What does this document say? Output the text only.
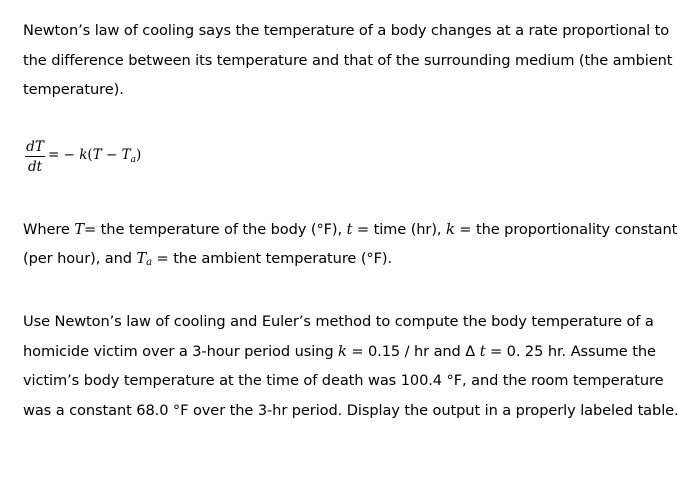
Newton’s law of cooling says the temperature of a body changes at a rate proportional to the difference between its temperature and that of the surrounding medium (the ambient temperature).

dT
dt
= − $k(T - T_a)$

Where T= the temperature of the body (°F), t = time (hr), k = the proportionality constant (per hour), and $T_a$ = the ambient temperature (°F).

Use Newton’s law of cooling and Euler’s method to compute the body temperature of a homicide victim over a 3-hour period using k = 0.15 / hr and Δ t = 0. 25 hr. Assume the victim’s body temperature at the time of death was 100.4 °F, and the room temperature was a constant 68.0 °F over the 3-hr period. Display the output in a properly labeled table.
